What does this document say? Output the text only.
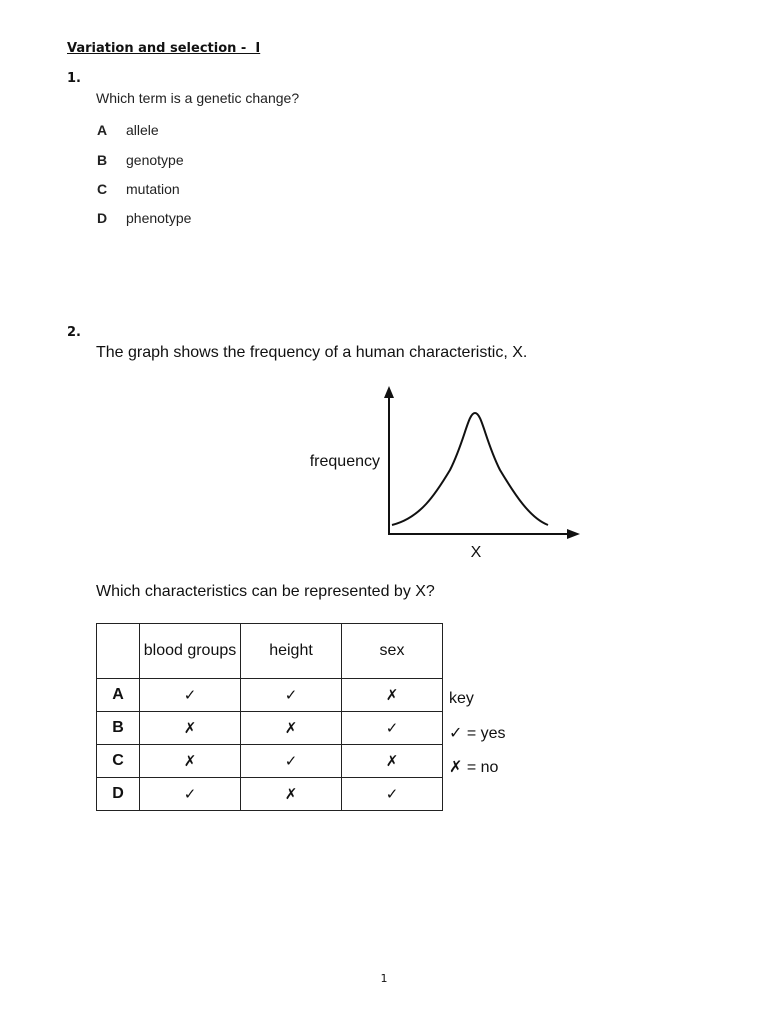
Variation and selection -  I
1.
Which term is a genetic change?
A allele
B genotype
C mutation
D phenotype
2.
The graph shows the frequency of a human characteristic, X.
frequency
X
Which characteristics can be represented by X?
	blood groups	height	sex
A	✓	✓	✗
B	✗	✗	✓
C	✗	✓	✗
D	✓	✗	✓
key
✓ = yes
✗ = no
1
